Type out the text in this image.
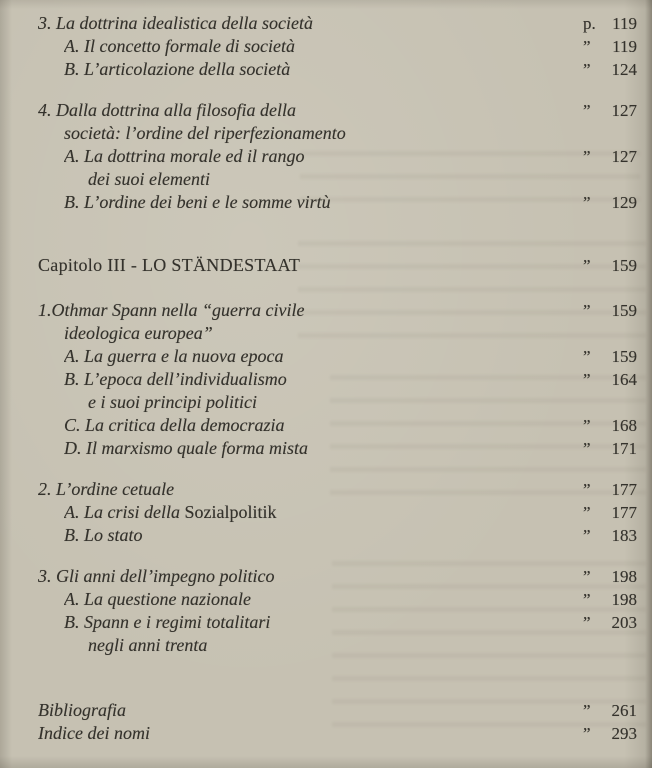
3. La dottrina idealistica della società	p. 119
A. Il concetto formale di società	”	119
B. L’articolazione della società	” 124
4. Dalla dottrina alla filosofia della	” 127
società: l’ordine del riperfezionamento
A. La dottrina morale ed il rango	” 127
dei suoi elementi
B. L’ordine dei beni e le somme virtù	” 129
Capitolo III - LO STÄNDESTAAT	” 159
1.Othmar Spann nella “guerra civile	” 159
ideologica europea”
A. La guerra e la nuova epoca	” 159
B. L’epoca dell’individualismo	” 164
e i suoi principi politici
C. La critica della democrazia	” 168
D. Il marxismo quale forma mista	” 171
2. L’ordine cetuale	” 177
A. La crisi della Sozialpolitik	” 177
B. Lo stato	” 183
3. Gli anni dell’impegno politico	” 198
A. La questione nazionale	” 198
B. Spann e i regimi totalitari	” 203
negli anni trenta
Bibliografia	” 261
Indice dei nomi	” 293
